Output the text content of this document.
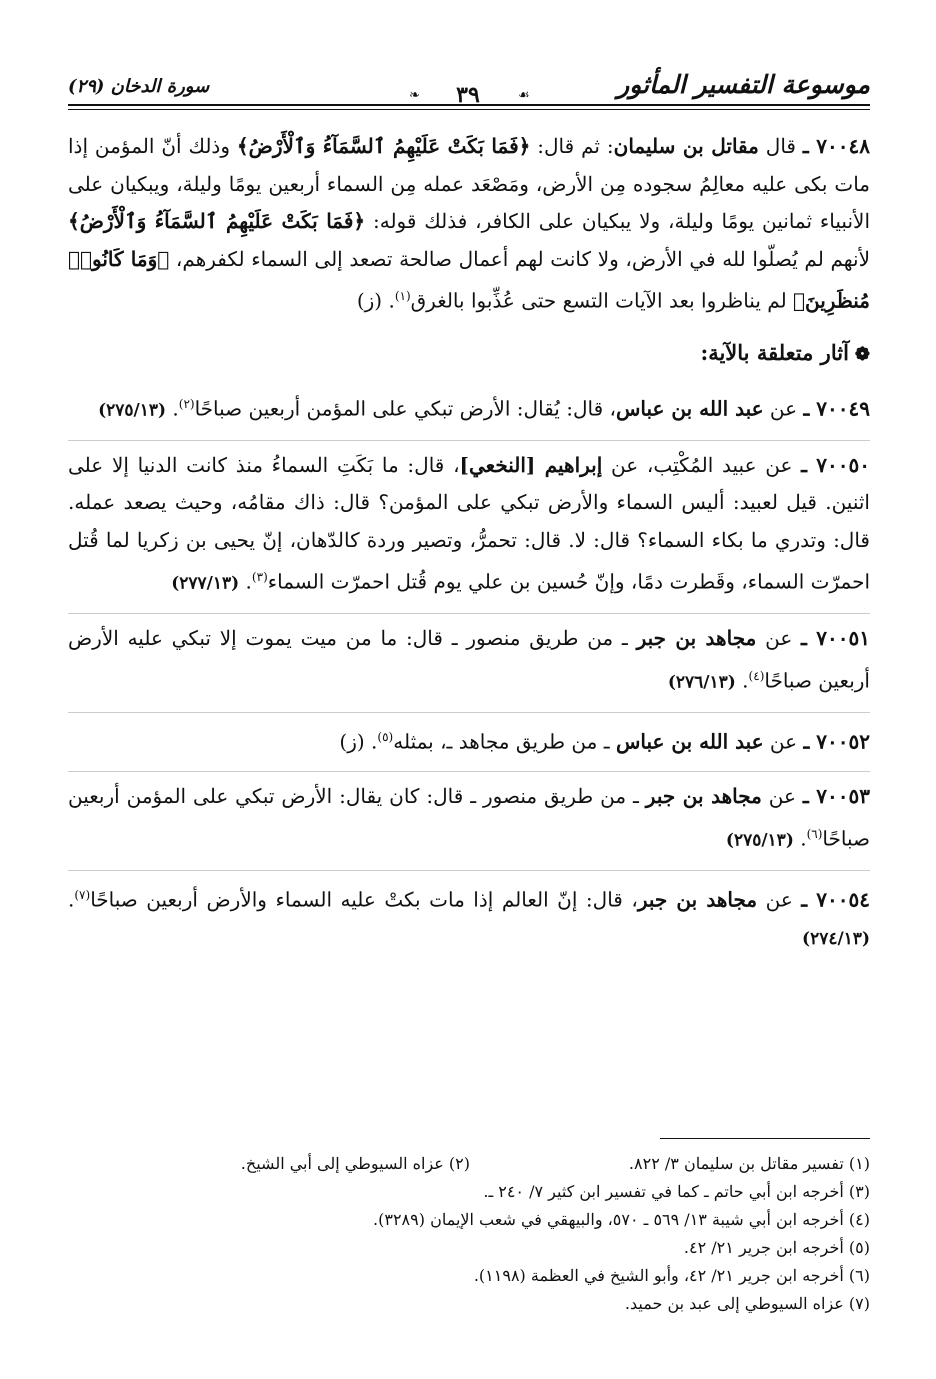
موسوعة التفسير المأثور
❧	٣٩	☙
سورة الدخان (٢٩)
٧٠٠٤٨ ـ قال مقاتل بن سليمان: ثم قال: ﴿فَمَا بَكَتْ عَلَيْهِمُ ٱلسَّمَآءُ وَٱلْأَرْضُ﴾ وذلك أنّ المؤمن إذا مات بكى عليه معالِمُ سجوده مِن الأرض، ومَصْعَد عمله مِن السماء أربعين يومًا وليلة، ويبكيان على الأنبياء ثمانين يومًا وليلة، ولا يبكيان على الكافر، فذلك قوله: ﴿فَمَا بَكَتْ عَلَيْهِمُ ٱلسَّمَآءُ وَٱلْأَرْضُ﴾ لأنهم لم يُصلّوا لله في الأرض، ولا كانت لهم أعمال صالحة تصعد إلى السماء لكفرهم، ﴿وَمَا كَانُوا۟ مُنظَرِينَ﴾ لم يناظروا بعد الآيات التسع حتى عُذِّبوا بالغرق$^{(١)}$. (ز)
❁آثار متعلقة بالآية:
٧٠٠٤٩ ـ عن عبد الله بن عباس، قال: يُقال: الأرض تبكي على المؤمن أربعين صباحًا$^{(٢)}$. (٢٧٥/١٣)
٧٠٠٥٠ ـ عن عبيد المُكْتِب، عن إبراهيم [النخعي]، قال: ما بَكَتِ السماءُ منذ كانت الدنيا إلا على اثنين. قيل لعبيد: أليس السماء والأرض تبكي على المؤمن؟ قال: ذاك مقامُه، وحيث يصعد عمله. قال: وتدري ما بكاء السماء؟ قال: لا. قال: تحمرُّ، وتصير وردة كالدّهان، إنّ يحيى بن زكريا لما قُتل احمرّت السماء، وقَطرت دمًا، وإنّ حُسين بن علي يوم قُتل احمرّت السماء$^{(٣)}$. (٢٧٧/١٣)
٧٠٠٥١ ـ عن مجاهد بن جبر ـ من طريق منصور ـ قال: ما من ميت يموت إلا تبكي عليه الأرض أربعين صباحًا$^{(٤)}$. (٢٧٦/١٣)
٧٠٠٥٢ ـ عن عبد الله بن عباس ـ من طريق مجاهد ـ، بمثله$^{(٥)}$. (ز)
٧٠٠٥٣ ـ عن مجاهد بن جبر ـ من طريق منصور ـ قال: كان يقال: الأرض تبكي على المؤمن أربعين صباحًا$^{(٦)}$. (٢٧٥/١٣)
٧٠٠٥٤ ـ عن مجاهد بن جبر، قال: إنّ العالم إذا مات بكتْ عليه السماء والأرض أربعين صباحًا$^{(٧)}$. (٢٧٤/١٣)
(١) تفسير مقاتل بن سليمان ٣/ ٨٢٢.(٢) عزاه السيوطي إلى أبي الشيخ.
(٣) أخرجه ابن أبي حاتم ـ كما في تفسير ابن كثير ٧/ ٢٤٠ ـ.
(٤) أخرجه ابن أبي شيبة ١٣/ ٥٦٩ ـ ٥٧٠، والبيهقي في شعب الإيمان (٣٢٨٩).
(٥) أخرجه ابن جرير ٢١/ ٤٢.
(٦) أخرجه ابن جرير ٢١/ ٤٢، وأبو الشيخ في العظمة (١١٩٨).
(٧) عزاه السيوطي إلى عبد بن حميد.
